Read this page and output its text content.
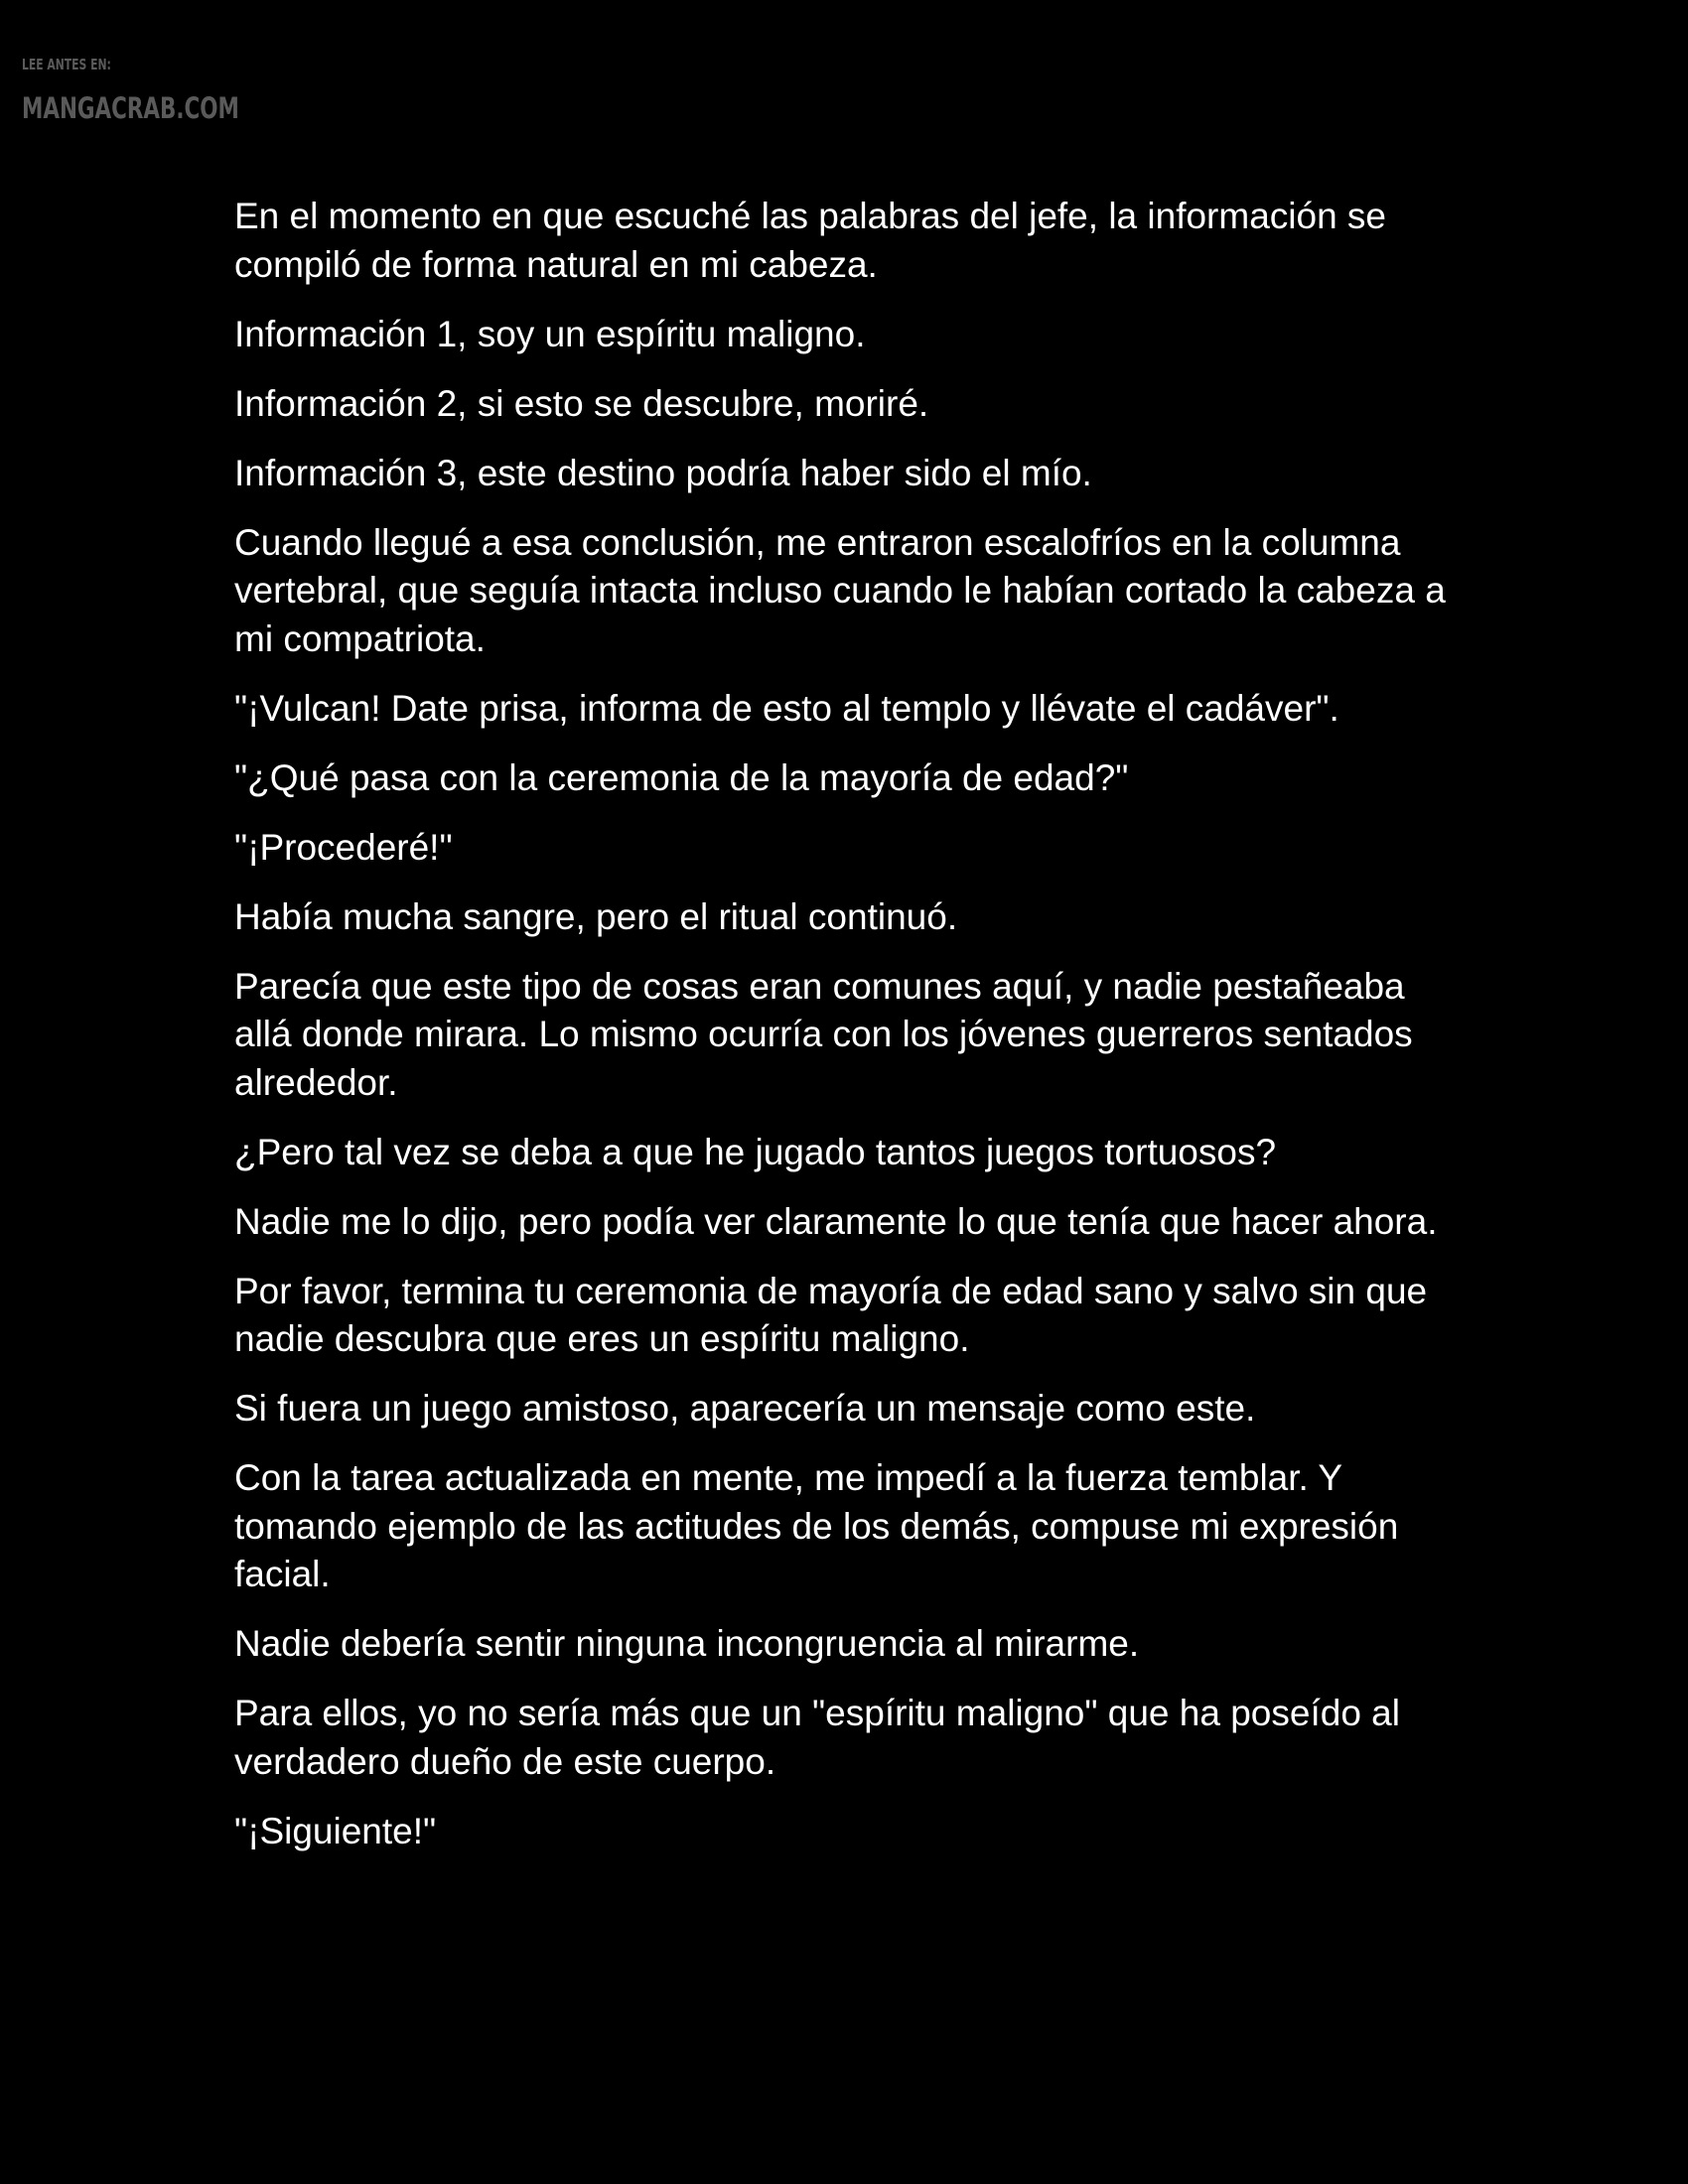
LEE ANTES EN:
MANGACRAB.COM

En el momento en que escuché las palabras del jefe, la información se compiló de forma natural en mi cabeza.

Información 1, soy un espíritu maligno.

Información 2, si esto se descubre, moriré.

Información 3, este destino podría haber sido el mío.

Cuando llegué a esa conclusión, me entraron escalofríos en la columna vertebral, que seguía intacta incluso cuando le habían cortado la cabeza a mi compatriota.

"¡Vulcan! Date prisa, informa de esto al templo y llévate el cadáver".

"¿Qué pasa con la ceremonia de la mayoría de edad?"

"¡Procederé!"

Había mucha sangre, pero el ritual continuó.

Parecía que este tipo de cosas eran comunes aquí, y nadie pestañeaba allá donde mirara. Lo mismo ocurría con los jóvenes guerreros sentados alrededor.

¿Pero tal vez se deba a que he jugado tantos juegos tortuosos?

Nadie me lo dijo, pero podía ver claramente lo que tenía que hacer ahora.

Por favor, termina tu ceremonia de mayoría de edad sano y salvo sin que nadie descubra que eres un espíritu maligno.

Si fuera un juego amistoso, aparecería un mensaje como este.

Con la tarea actualizada en mente, me impedí a la fuerza temblar. Y tomando ejemplo de las actitudes de los demás, compuse mi expresión facial.

Nadie debería sentir ninguna incongruencia al mirarme.

Para ellos, yo no sería más que un "espíritu maligno" que ha poseído al verdadero dueño de este cuerpo.

"¡Siguiente!"
